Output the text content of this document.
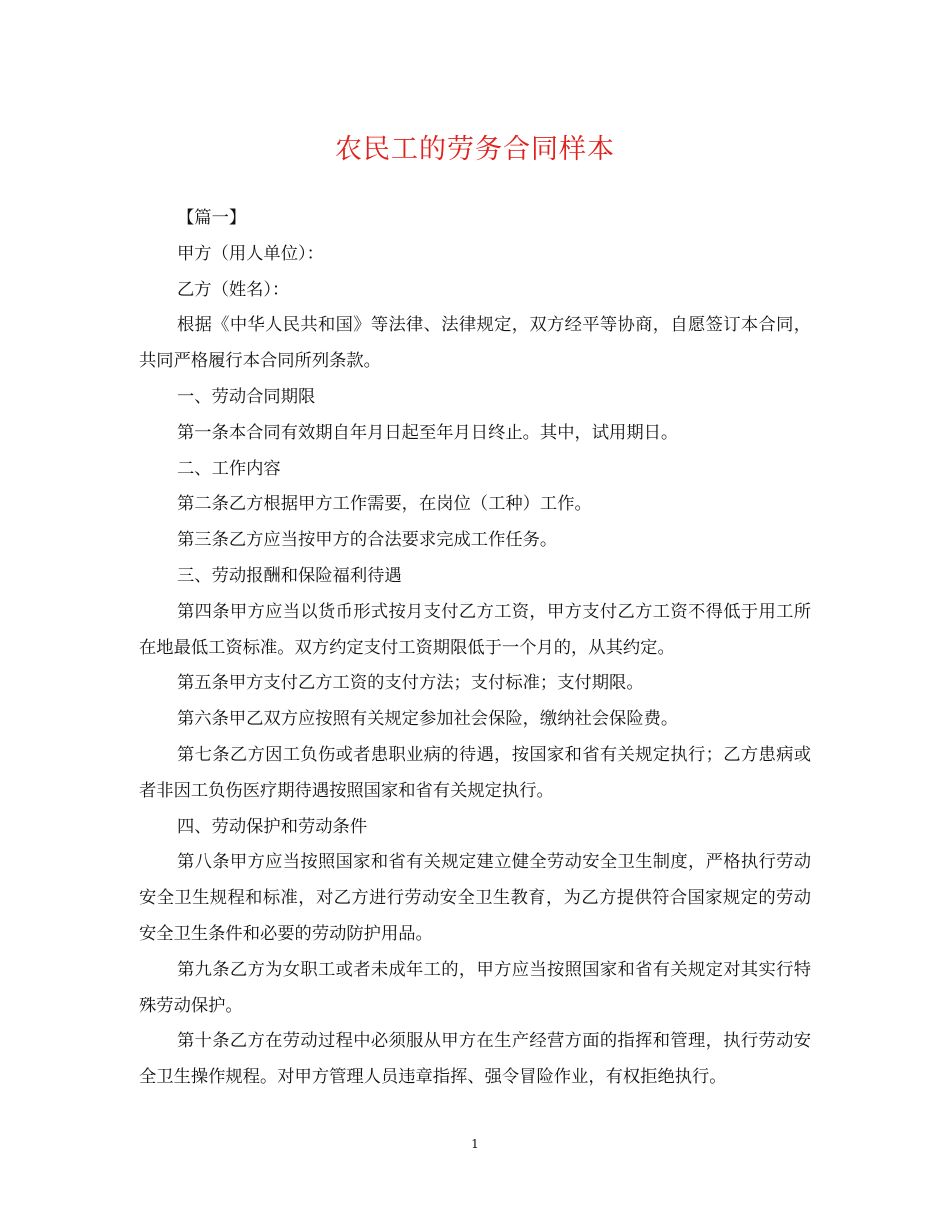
农民工的劳务合同样本

【篇一】

甲方（用人单位）：

乙方（姓名）：

根据《中华人民共和国》等法律、法律规定，双方经平等协商，自愿签订本合同，共同严格履行本合同所列条款。

一、劳动合同期限

第一条本合同有效期自年月日起至年月日终止。其中，试用期日。

二、工作内容

第二条乙方根据甲方工作需要，在岗位（工种）工作。

第三条乙方应当按甲方的合法要求完成工作任务。

三、劳动报酬和保险福利待遇

第四条甲方应当以货币形式按月支付乙方工资，甲方支付乙方工资不得低于用工所在地最低工资标准。双方约定支付工资期限低于一个月的，从其约定。

第五条甲方支付乙方工资的支付方法；支付标准；支付期限。

第六条甲乙双方应按照有关规定参加社会保险，缴纳社会保险费。

第七条乙方因工负伤或者患职业病的待遇，按国家和省有关规定执行；乙方患病或者非因工负伤医疗期待遇按照国家和省有关规定执行。

四、劳动保护和劳动条件

第八条甲方应当按照国家和省有关规定建立健全劳动安全卫生制度，严格执行劳动安全卫生规程和标准，对乙方进行劳动安全卫生教育，为乙方提供符合国家规定的劳动安全卫生条件和必要的劳动防护用品。

第九条乙方为女职工或者未成年工的，甲方应当按照国家和省有关规定对其实行特殊劳动保护。

第十条乙方在劳动过程中必须服从甲方在生产经营方面的指挥和管理，执行劳动安全卫生操作规程。对甲方管理人员违章指挥、强令冒险作业，有权拒绝执行。

1
